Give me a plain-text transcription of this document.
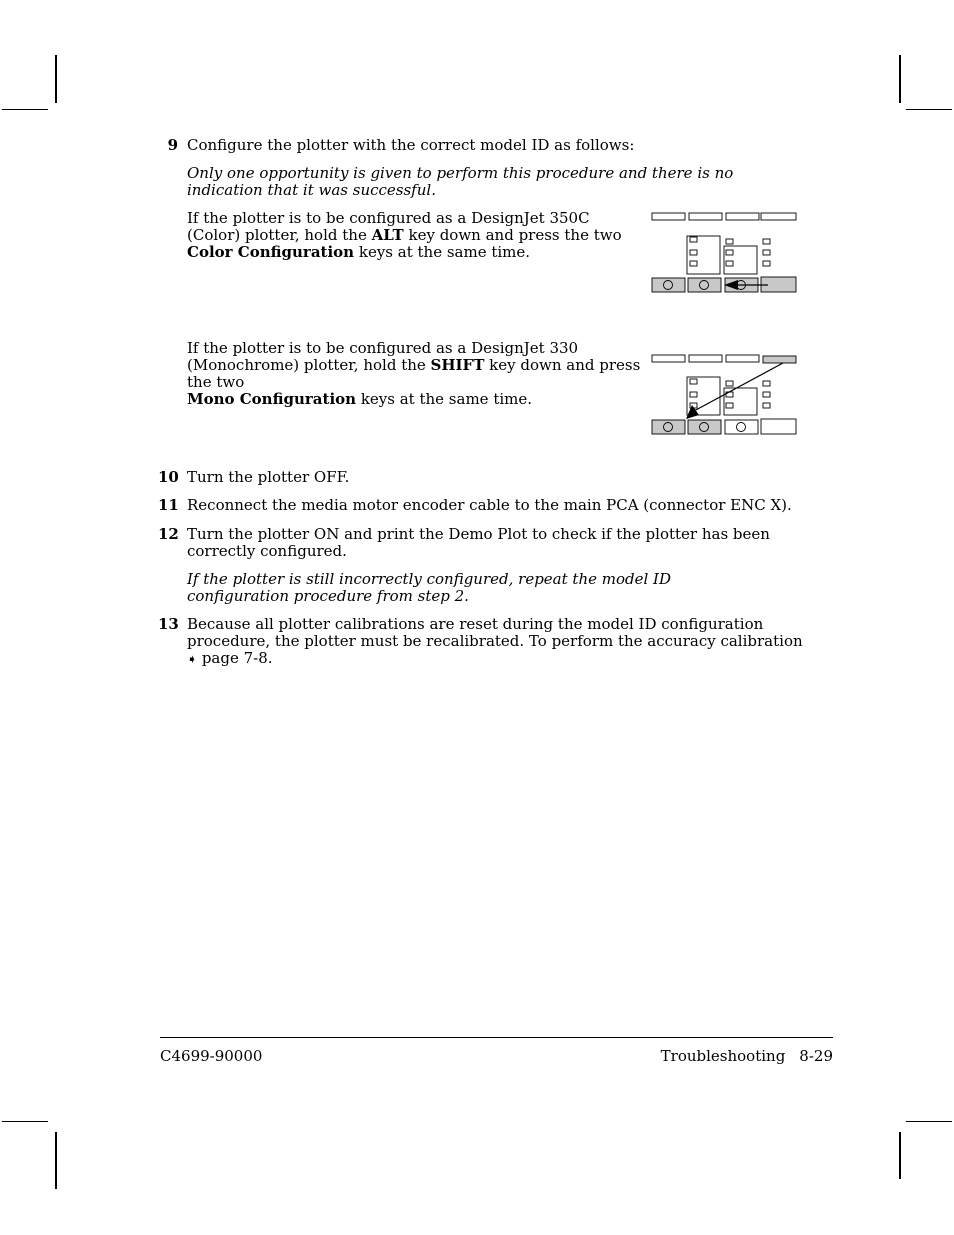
9 Configure the plotter with the correct model ID as follows:
Only one opportunity is given to perform this procedure and there is no indication that it was successful.
If the plotter is to be configured as a DesignJet 350C (Color) plotter, hold the ALT key down and press the two
Color Configuration keys at the same time.
If the plotter is to be configured as a DesignJet 330 (Monochrome) plotter, hold the SHIFT key down and press the two
Mono Configuration keys at the same time.
10 Turn the plotter OFF.
11 Reconnect the media motor encoder cable to the main PCA (connector ENC X).
12 Turn the plotter ON and print the Demo Plot to check if the plotter has been correctly configured.
If the plotter is still incorrectly configured, repeat the model ID configuration procedure from step 2.
13 Because all plotter calibrations are reset during the model ID configuration procedure, the plotter must be recalibrated. To perform the accuracy calibration ➧ page 7-8.
C4699-90000	Troubleshooting 8-29
